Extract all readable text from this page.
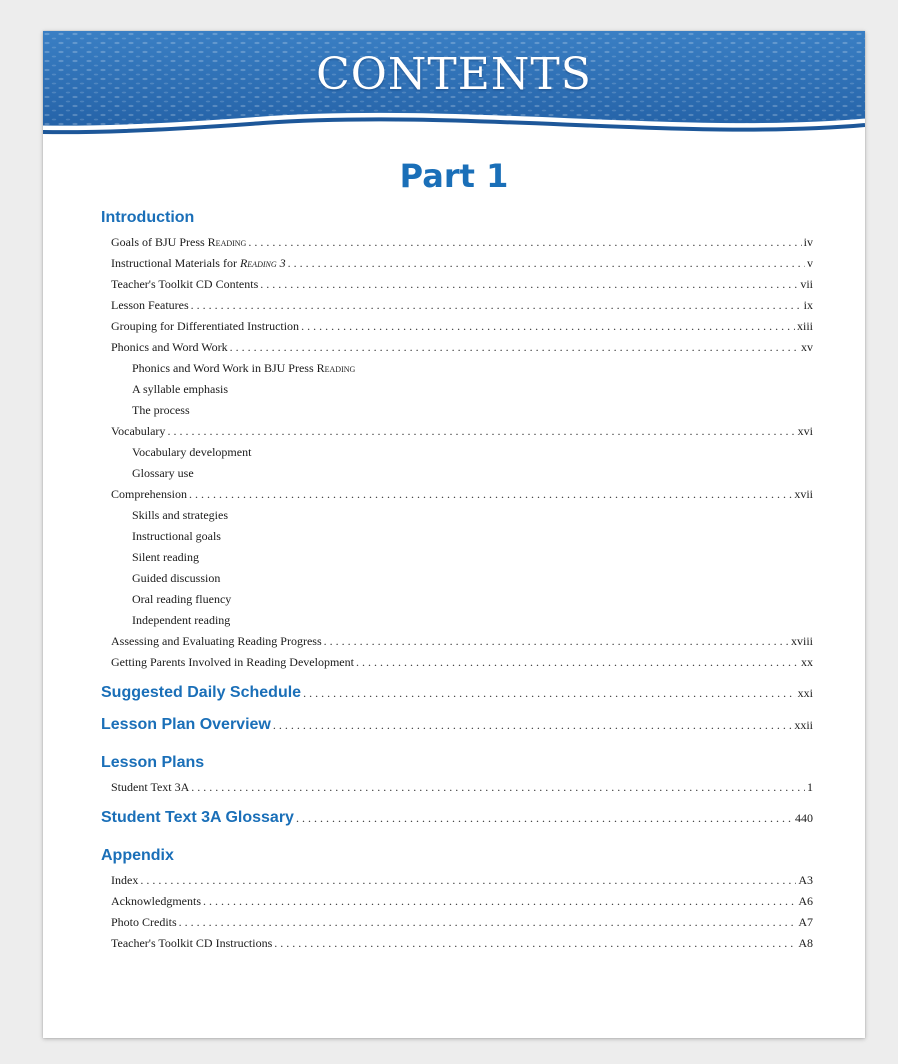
CONTENTS
Part 1
Introduction
Goals of BJU Press Reading . . .	iv
Instructional Materials for Reading 3 . . .	v
Teacher's Toolkit CD Contents . . .	vii
Lesson Features . . .	ix
Grouping for Differentiated Instruction . . .	xiii
Phonics and Word Work . . .	xv
Phonics and Word Work in BJU Press Reading
A syllable emphasis
The process
Vocabulary . . .	xvi
Vocabulary development
Glossary use
Comprehension . . .	xvii
Skills and strategies
Instructional goals
Silent reading
Guided discussion
Oral reading fluency
Independent reading
Assessing and Evaluating Reading Progress . . .	xviii
Getting Parents Involved in Reading Development . . .	xx
Suggested Daily Schedule . . .	xxi
Lesson Plan Overview . . .	xxii
Lesson Plans
Student Text 3A . . .	1
Student Text 3A Glossary . . .	440
Appendix
Index . . .	A3
Acknowledgments . . .	A6
Photo Credits . . .	A7
Teacher's Toolkit CD Instructions . . .	A8
